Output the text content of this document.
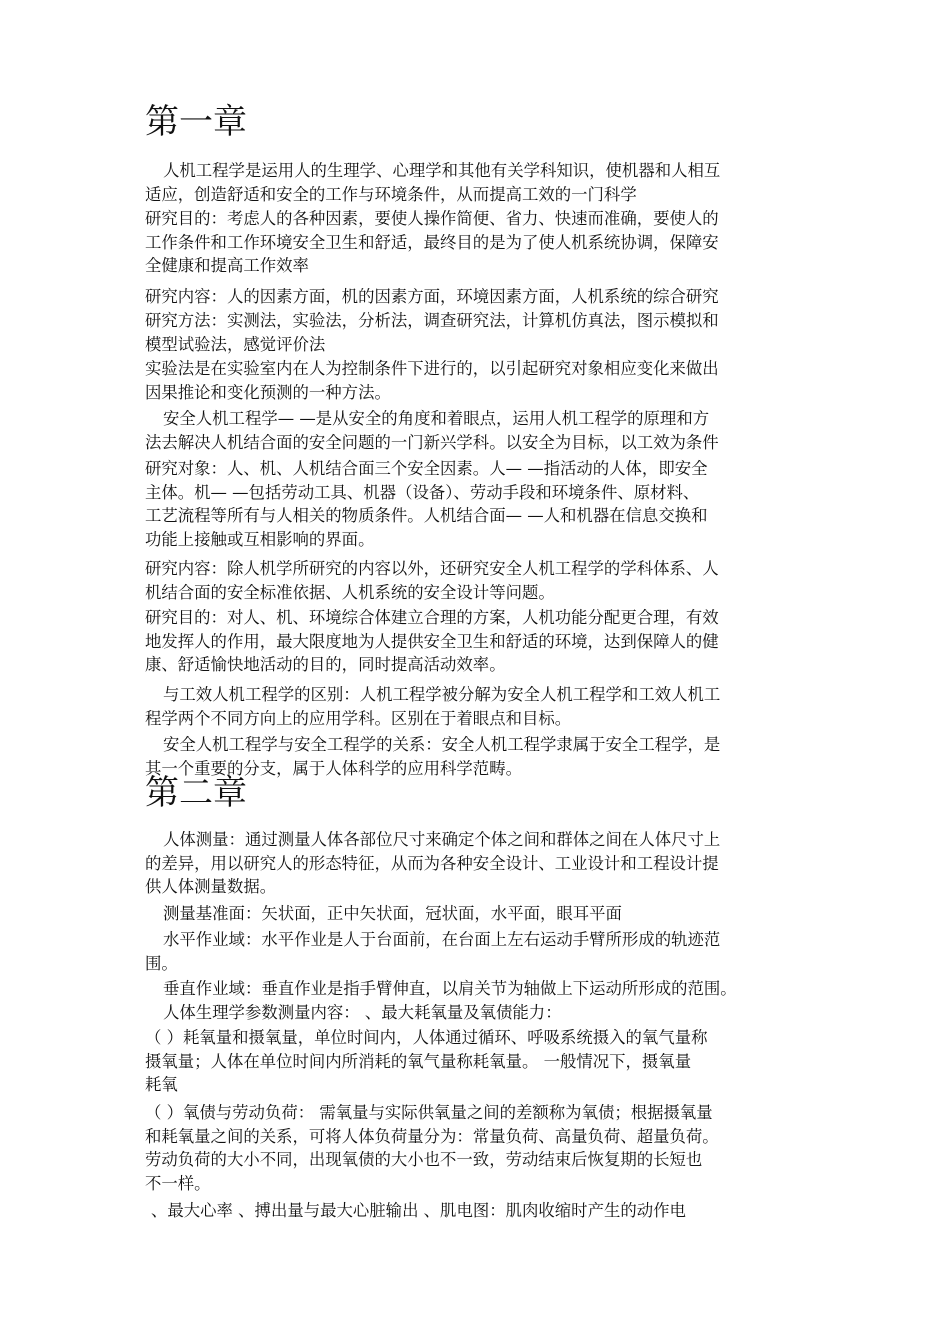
第一章
人机工程学是运用人的生理学、心理学和其他有关学科知识，使机器和人相互
适应，创造舒适和安全的工作与环境条件，从而提高工效的一门科学
研究目的：考虑人的各种因素，要使人操作简便、省力、快速而准确，要使人的
工作条件和工作环境安全卫生和舒适，最终目的是为了使人机系统协调，保障安
全健康和提高工作效率
研究内容：人的因素方面，机的因素方面，环境因素方面，人机系统的综合研究
研究方法：实测法，实验法，分析法，调查研究法，计算机仿真法，图示模拟和
模型试验法，感觉评价法
实验法是在实验室内在人为控制条件下进行的，以引起研究对象相应变化来做出
因果推论和变化预测的一种方法。
安全人机工程学— —是从安全的角度和着眼点，运用人机工程学的原理和方
法去解决人机结合面的安全问题的一门新兴学科。以安全为目标，以工效为条件
研究对象：人、机、人机结合面三个安全因素。人— —指活动的人体，即安全
主体。机— —包括劳动工具、机器（设备）、劳动手段和环境条件、原材料、
工艺流程等所有与人相关的物质条件。人机结合面— —人和机器在信息交换和
功能上接触或互相影响的界面。
研究内容：除人机学所研究的内容以外，还研究安全人机工程学的学科体系、人
机结合面的安全标准依据、人机系统的安全设计等问题。
研究目的：对人、机、环境综合体建立合理的方案，人机功能分配更合理，有效
地发挥人的作用，最大限度地为人提供安全卫生和舒适的环境，达到保障人的健
康、舒适愉快地活动的目的，同时提高活动效率。
与工效人机工程学的区别：人机工程学被分解为安全人机工程学和工效人机工
程学两个不同方向上的应用学科。区别在于着眼点和目标。
安全人机工程学与安全工程学的关系：安全人机工程学隶属于安全工程学，是
其一个重要的分支，属于人体科学的应用科学范畴。
第二章
人体测量：通过测量人体各部位尺寸来确定个体之间和群体之间在人体尺寸上
的差异，用以研究人的形态特征，从而为各种安全设计、工业设计和工程设计提
供人体测量数据。
测量基准面：矢状面，正中矢状面，冠状面，水平面，眼耳平面
水平作业域：水平作业是人于台面前，在台面上左右运动手臂所形成的轨迹范
围。
垂直作业域：垂直作业是指手臂伸直，以肩关节为轴做上下运动所形成的范围。
人体生理学参数测量内容： 、最大耗氧量及氧债能力：
（ ）耗氧量和摄氧量，单位时间内，人体通过循环、呼吸系统摄入的氧气量称
摄氧量；人体在单位时间内所消耗的氧气量称耗氧量。 一般情况下，摄氧量
耗氧
（ ）氧债与劳动负荷： 需氧量与实际供氧量之间的差额称为氧债；根据摄氧量
和耗氧量之间的关系，可将人体负荷量分为：常量负荷、高量负荷、超量负荷。
劳动负荷的大小不同，出现氧债的大小也不一致，劳动结束后恢复期的长短也
不一样。
、最大心率 、搏出量与最大心脏输出 、肌电图：肌肉收缩时产生的动作电
